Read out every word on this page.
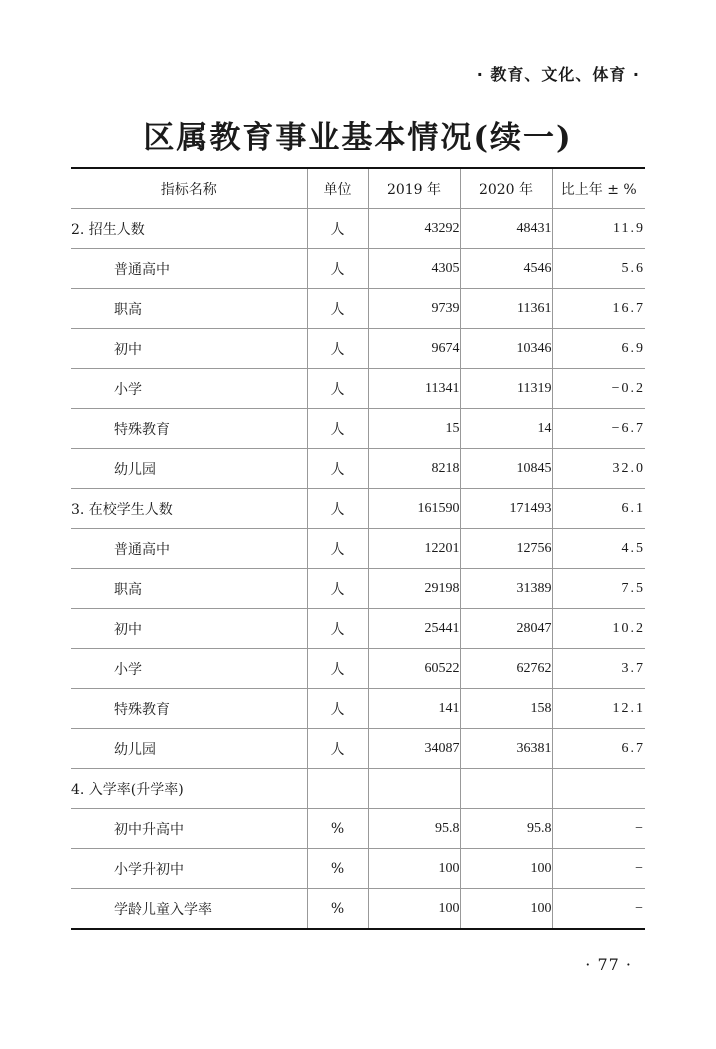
· 教育、文化、体育 ·
区属教育事业基本情况(续一)
指标名称	单位	2019 年	2020 年	比上年 ± %
2. 招生人数	人	43292	48431	11.9
普通高中	人	4305	4546	5.6
职高	人	9739	11361	16.7
初中	人	9674	10346	6.9
小学	人	11341	11319	−0.2
特殊教育	人	15	14	−6.7
幼儿园	人	8218	10845	32.0
3. 在校学生人数	人	161590	171493	6.1
普通高中	人	12201	12756	4.5
职高	人	29198	31389	7.5
初中	人	25441	28047	10.2
小学	人	60522	62762	3.7
特殊教育	人	141	158	12.1
幼儿园	人	34087	36381	6.7
4. 入学率(升学率)				
初中升高中	%	95.8	95.8	−
小学升初中	%	100	100	−
学龄儿童入学率	%	100	100	−
· 77 ·
